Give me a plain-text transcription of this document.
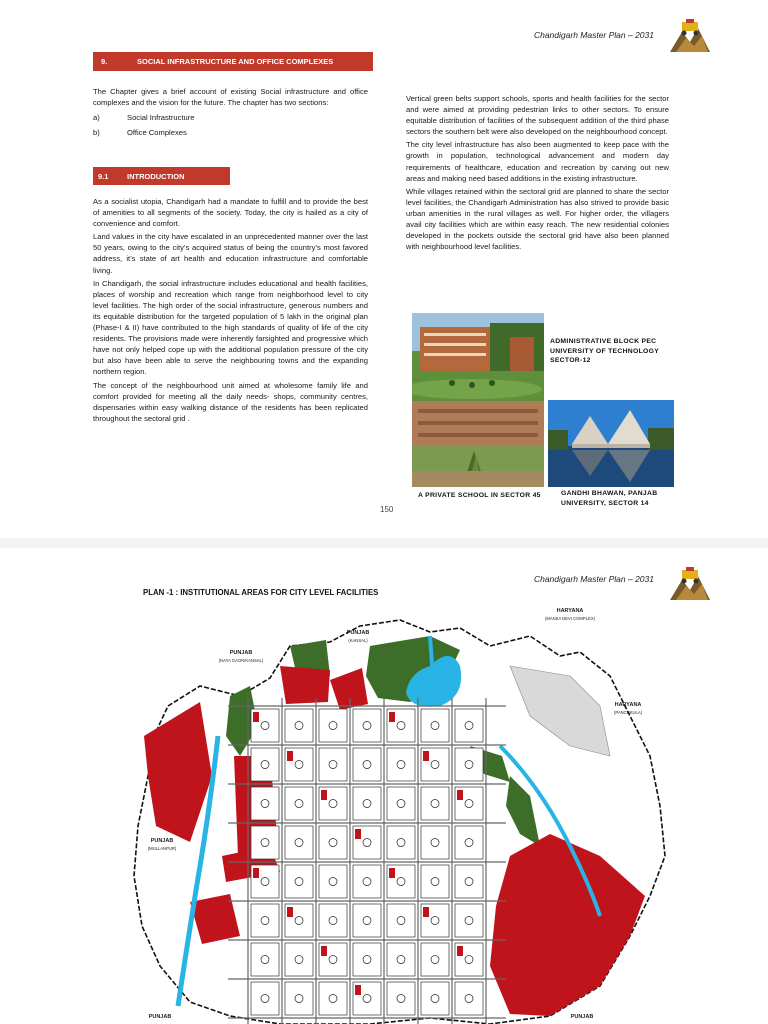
Chandigarh Master Plan – 2031
9.	SOCIAL INFRASTRUCTURE AND OFFICE COMPLEXES

The Chapter gives a brief account of existing Social infrastructure and office complexes and the vision for the future. The chapter has two sections:

a)	Social Infrastructure
b)	Office Complexes
9.1	INTRODUCTION

As a socialist utopia, Chandigarh had a mandate to fulfill and to provide the best of amenities to all segments of the society. Today, the city is hailed as a city of convenience and comfort.

Land values in the city have escalated in an unprecedented manner over the last 50 years, owing to the city’s acquired status of being the country’s most favored address, it’s state of art health and education infrastructure and comfortable living.

In Chandigarh, the social infrastructure includes educational and health facilities, places of worship and recreation which range from neighborhood level to city level facilities. The high order of the social infrastructure, generous numbers and its equitable distribution for the targeted population of 5 lakh in the original plan (Phase-I & II) have contributed to the high standards of quality of life of the city residents. The provisions made were inherently farsighted and progressive which have not only helped cope up with the additional population pressure of the city but also have been able to serve the neighbouring towns and the expanding northern region.

The concept of the neighbourhood unit aimed at wholesome family life and comfort provided for meeting all the daily needs- shops, community centres, dispensaries within easy walking distance of the residents has been replicated throughout the sectoral grid .

Vertical green belts support schools, sports and health facilities for the sector and were aimed at providing pedestrian links to other sectors. To ensure equitable distribution of facilities of the subsequent addition of the third phase sectors the southern belt were also developed on the neighbourhood concept.

The city level infrastructure has also been augmented to keep pace with the growth in population, technological advancement and modern day requirements of healthcare, education and recreation by carving out new areas and making need based additions in the existing infrastructure.

While villages retained within the sectoral grid are planned to share the sector level facilities, the Chandigarh Administration has also strived to provide basic urban amenities in the rural villages as well. For higher order, the villagers avail city facilities which are within easy reach. The new residential colonies developed in the pockets outside the sectoral grid have also been planned with neighbourhood level facilities.

ADMINISTRATIVE BLOCK PEC UNIVERSITY OF TECHNOLOGY SECTOR-12
A PRIVATE SCHOOL IN SECTOR 45	GANDHI BHAWAN, PANJAB UNIVERSITY, SECTOR 14
150
Chandigarh Master Plan – 2031
PLAN -1 : INSTITUTIONAL AREAS FOR CITY LEVEL FACILITIES
HARYANA
(MANSA DEVI COMPLEX)
PUNJAB
(KANSAL)
PUNJAB
(NAYA GAON/KANSAL)
HARYANA
(PANCHKULA)
PUNJAB
(MULLANPUR)
PUNJAB	PUNJAB
